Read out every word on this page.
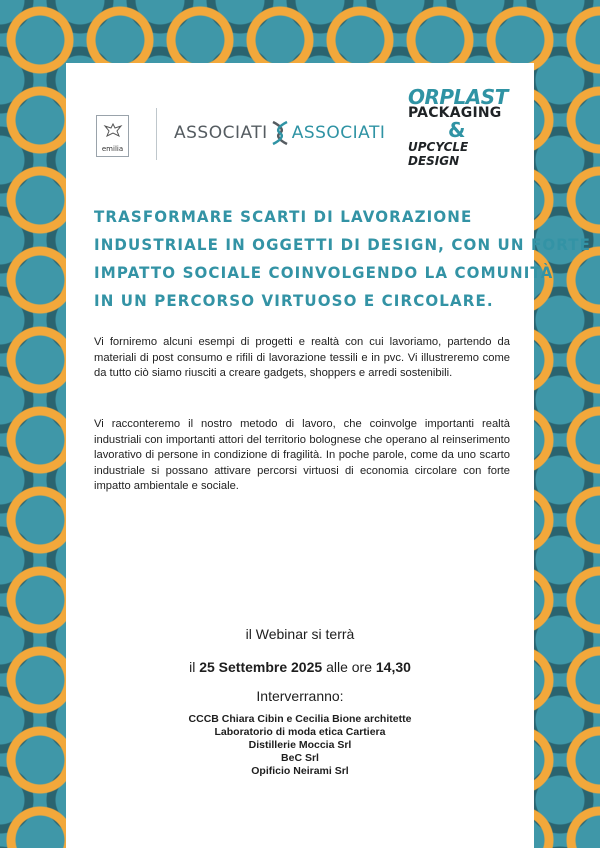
emilia
ASSOCIATI ASSOCIATI
ORPLAST
PACKAGING
&
UPCYCLE DESIGN
TRASFORMARE SCARTI DI LAVORAZIONE
INDUSTRIALE IN OGGETTI DI DESIGN, CON UN FORTE
IMPATTO SOCIALE COINVOLGENDO LA COMUNITÀ
IN UN PERCORSO VIRTUOSO E CIRCOLARE.
Vi forniremo alcuni esempi di progetti e realtà con cui lavoriamo, partendo da materiali di post consumo e rifili di lavorazione tessili e in pvc. Vi illustreremo come da tutto ciò siamo riusciti a creare gadgets, shoppers e arredi sostenibili.
Vi racconteremo il nostro metodo di lavoro, che coinvolge importanti realtà industriali con importanti attori del territorio bolognese che operano al reinserimento lavorativo di persone in condizione di fragilità. In poche parole, come da uno scarto industriale si possano attivare percorsi virtuosi di economia circolare con forte impatto ambientale e sociale.
il Webinar si terrà
il 25 Settembre 2025 alle ore 14,30
Interverranno:
CCCB Chiara Cibin e Cecilia Bione architette
Laboratorio di moda etica Cartiera
Distillerie Moccia Srl
BeC Srl
Opificio Neirami Srl
